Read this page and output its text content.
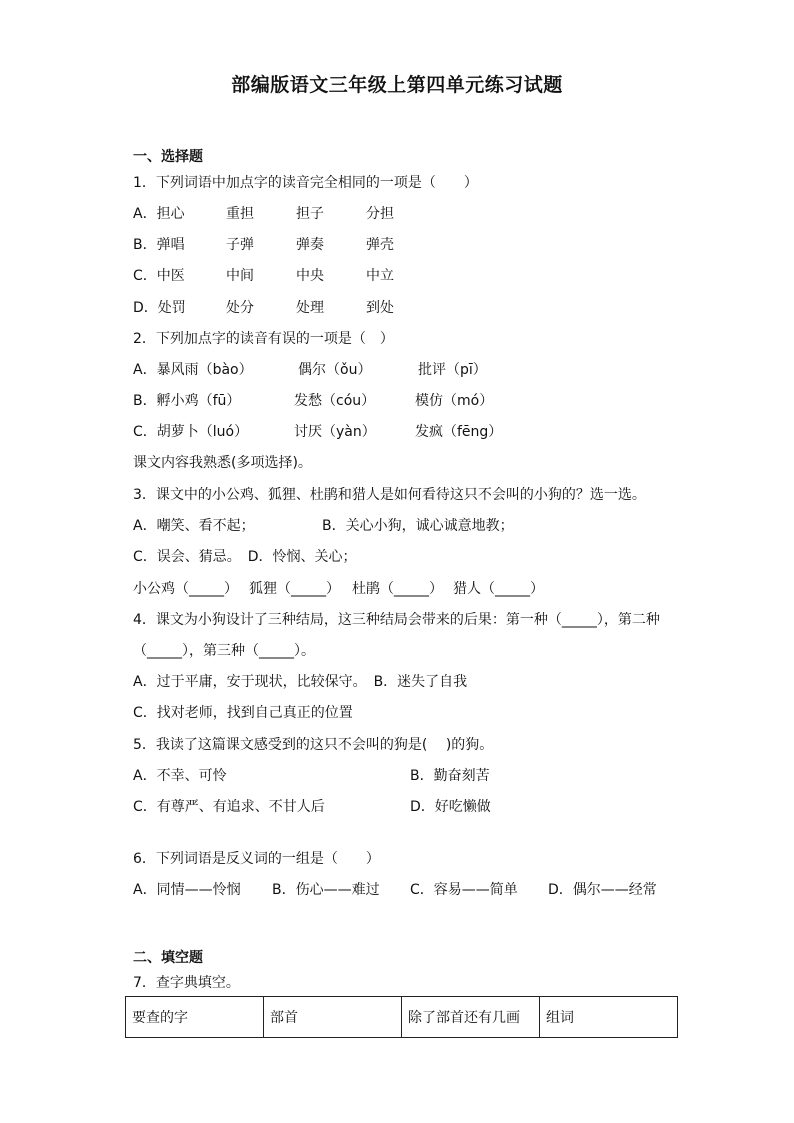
部编版语文三年级上第四单元练习试题
一、选择题
1．下列词语中加点字的读音完全相同的一项是（　　）
A．担心	重担	担子	分担
B．弹唱	子弹	弹奏	弹壳
C．中医	中间	中央	中立
D．处罚	处分	处理	到处
2．下列加点字的读音有误的一项是（　）
A．暴风雨（bào）	偶尔（ǒu）	批评（pī）
B．孵小鸡（fū）	发愁（cóu）	模仿（mó）
C．胡萝卜（luó）	讨厌（yàn）	发疯（fēng）
课文内容我熟悉(多项选择)。
3．课文中的小公鸡、狐狸、杜鹃和猎人是如何看待这只不会叫的小狗的？选一选。
A．嘲笑、看不起；	B．关心小狗，诚心诚意地教；
C．误会、猜忌。　D．怜悯、关心；
小公鸡（_____） 狐狸（_____） 杜鹃（_____） 猎人（_____）
4．课文为小狗设计了三种结局，这三种结局会带来的后果：第一种（_____），第二种
（_____），第三种（_____）。
A．过于平庸，安于现状，比较保守。　B．迷失了自我
C．找对老师，找到自己真正的位置
5．我读了这篇课文感受到的这只不会叫的狗是(　 )的狗。
A．不幸、可怜	B．勤奋刻苦
C．有尊严、有追求、不甘人后	D．好吃懒做
6．下列词语是反义词的一组是（　　）
A．同情——怜悯 B．伤心——难过 C．容易——简单 D．偶尔——经常
二、填空题
7．查字典填空。
要查的字	部首	除了部首还有几画	组词
